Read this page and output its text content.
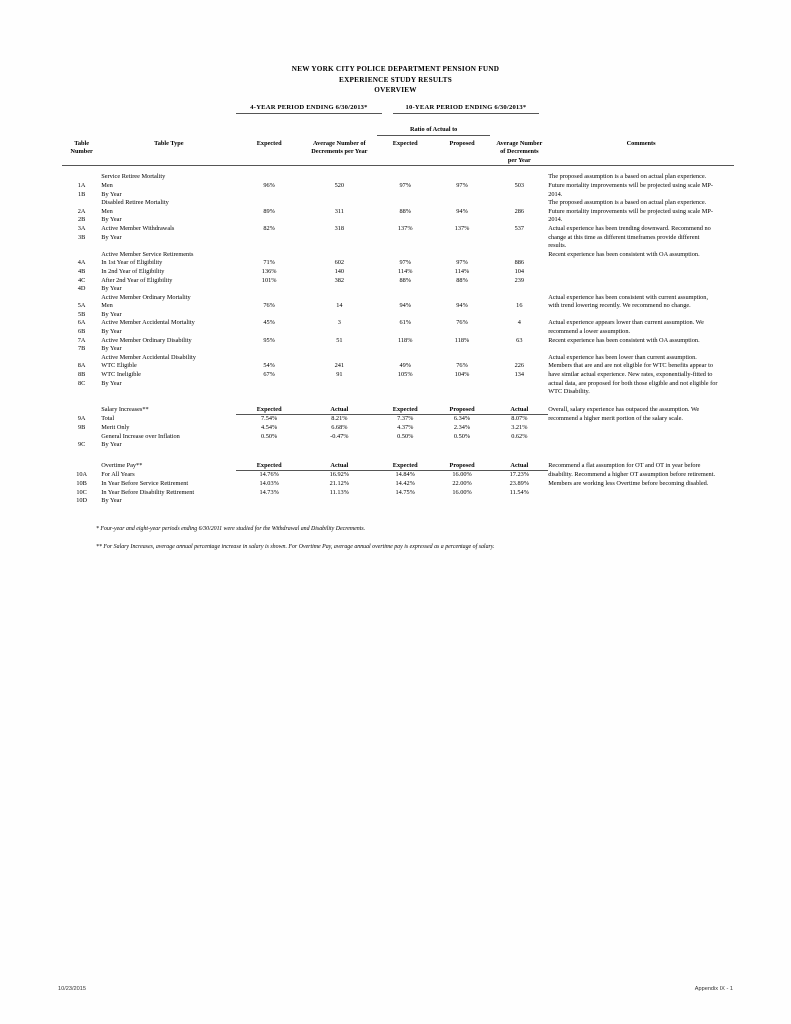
NEW YORK CITY POLICE DEPARTMENT PENSION FUND
EXPERIENCE STUDY RESULTS
OVERVIEW
4-YEAR PERIOD ENDING 6/30/2013*	10-YEAR PERIOD ENDING 6/30/2013*
				Ratio of Actual to			

Table
Number	Table Type	Expected	Average Number of
Decrements per Year	Expected	Proposed	Average Number
of Decrements
per Year	Comments

	Service Retiree Mortality						The proposed assumption is a based on actual plan experience.
1A	Men	96%	520	97%	97%	503	Future mortality improvements will be projected using scale MP-
1B	By Year						2014.
	Disabled Retiree Mortality						The proposed assumption is a based on actual plan experience.
2A	Men	89%	311	88%	94%	286	Future mortality improvements will be projected using scale MP-
2B	By Year						2014.
3A	Active Member Withdrawals	82%	318	137%	137%	537	Actual experience has been trending downward. Recommend no
3B	By Year						change at this time as different timeframes provide different
							results.
	Active Member Service Retirements						Recent experience has been consistent with OA assumption.
4A	In 1st Year of Eligibility	71%	602	97%	97%	886	
4B	In 2nd Year of Eligibility	136%	140	114%	114%	104	
4C	After 2nd Year of Eligibility	101%	382	88%	88%	239	
4D	By Year						
	Active Member Ordinary Mortality						Actual experience has been consistent with current assumption,
5A	Men	76%	14	94%	94%	16	with trend lowering recently. We recommend no change.
5B	By Year						
6A	Active Member Accidental Mortality	45%	3	61%	76%	4	Actual experience appears lower than current assumption. We
6B	By Year						recommend a lower assumption.
7A	Active Member Ordinary Disability	95%	51	118%	118%	63	Recent experience has been consistent with OA assumption.
7B	By Year						
	Active Member Accidental Disability						Actual experience has been lower than current assumption.
8A	WTC Eligible	54%	241	49%	76%	226	Members that are and are not eligible for WTC benefits appear to
8B	WTC Ineligible	67%	91	105%	104%	134	have similar actual experience. New rates, exponentially-fitted to
8C	By Year						actual data, are proposed for both those eligible and not eligible for
							WTC Disability.

	Salary Increases**	Expected	Actual	Expected	Proposed	Actual	Overall, salary experience has outpaced the assumption. We
9A	Total	7.54%	8.21%	7.37%	6.34%	8.07%	recommend a higher merit portion of the salary scale.
9B	Merit Only	4.54%	6.68%	4.37%	2.34%	3.21%	
	General Increase over Inflation	0.50%	-0.47%	0.50%	0.50%	0.62%	
9C	By Year						

	Overtime Pay**	Expected	Actual	Expected	Proposed	Actual	Recommend a flat assumption for OT and OT in year before
10A	For All Years	14.76%	16.92%	14.84%	16.00%	17.23%	disability. Recommend a higher OT assumption before retirement.
10B	In Year Before Service Retirement	14.03%	21.12%	14.42%	22.00%	23.89%	Members are working less Overtime before becoming disabled.
10C	In Year Before Disability Retirement	14.73%	11.13%	14.75%	16.00%	11.54%	
10D	By Year						
* Four-year and eight-year periods ending 6/30/2011 were studied for the Withdrawal and Disability Decrements.
** For Salary Increases, average annual percentage increase in salary is shown. For Overtime Pay, average annual overtime pay is expressed as a percentage of salary.
10/23/2015	Appendix IX - 1
